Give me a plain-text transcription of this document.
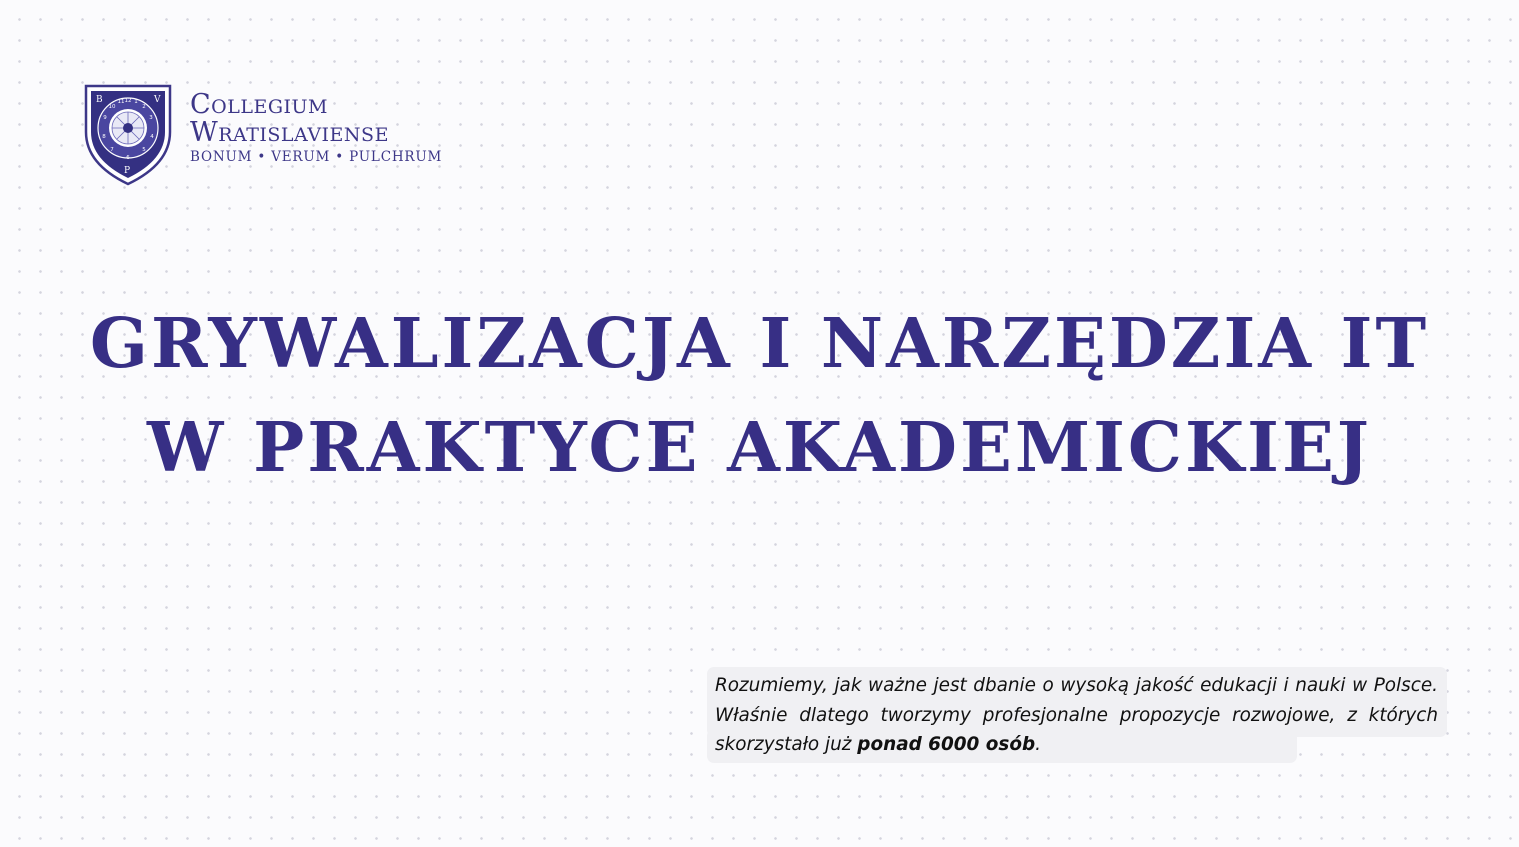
B	V
P
11 12 1
2
3
4
5
6
7
8
9
10	Collegium
Wratislaviense
BONUM • VERUM • PULCHRUM
GRYWALIZACJA I NARZĘDZIA IT
W PRAKTYCE AKADEMICKIEJ
Rozumiemy, jak ważne jest dbanie o wysoką jakość edukacji i nauki w Polsce. Właśnie dlatego tworzymy profesjonalne propozycje rozwojowe, z których skorzystało już ponad 6000 osób.
